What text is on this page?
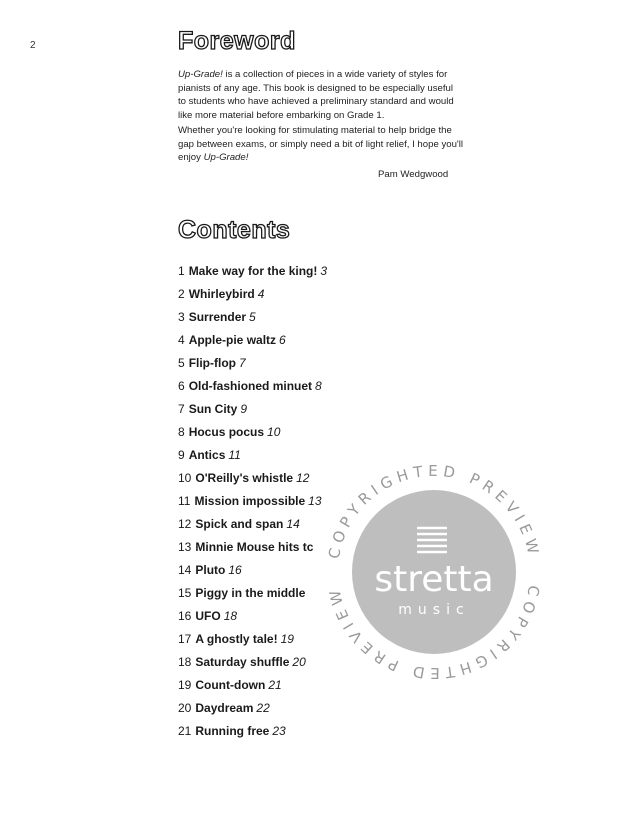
2	Foreword

Up-Grade! is a collection of pieces in a wide variety of styles for pianists of any age. This book is designed to be especially useful to students who have achieved a preliminary standard and would like more material before embarking on Grade 1.

Whether you're looking for stimulating material to help bridge the gap between exams, or simply need a bit of light relief, I hope you'll enjoy Up-Grade!

Pam Wedgwood
Contents
1 Make way for the king! 3
2 Whirleybird 4
3 Surrender 5
4 Apple-pie waltz 6
5 Flip-flop 7
6 Old-fashioned minuet 8
7 Sun City 9
8 Hocus pocus 10
9 Antics 11
10 O'Reilly's whistle 12
11 Mission impossible 13
12 Spick and span 14
13 Minnie Mouse hits tc
14 Pluto 16
15 Piggy in the middle
16 UFO 18
17 A ghostly tale! 19
18 Saturday shuffle 20
19 Count-down 21
20 Daydream 22
21 Running free 23
COPYRIGHTED PREVIEW
COPYRIGHTED PREVIEW stretta
music
